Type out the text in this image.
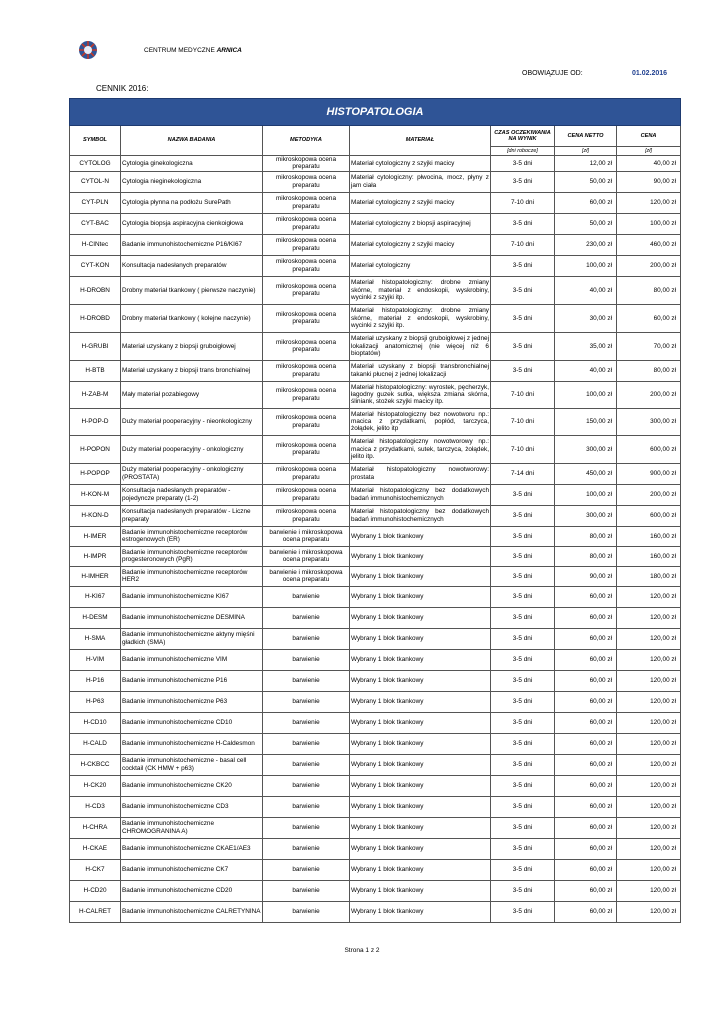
CENTRUM MEDYCZNE ARNICA
OBOWIĄZUJE OD:	01.02.2016
CENNIK 2016:
HISTOPATOLOGIA						
SYMBOL	NAZWA BADANIA	METODYKA	MATERIAŁ	CZAS OCZEKIWANIA NA WYNIK	CENA NETTO	CENA
				[dni robocze]	[zł]	[zł]
CYTOLOG	Cytologia ginekologiczna	mikroskopowa ocena preparatu	Materiał cytologiczny z szyjki macicy	3-5 dni	12,00 zł	40,00 zł
CYTOL-N	Cytologia nieginekologiczna	mikroskopowa ocena preparatu	Materiał cytologiczny: płwocina, mocz, płyny z jam ciała	3-5 dni	50,00 zł	90,00 zł
CYT-PLN	Cytologia płynna na podłożu SurePath	mikroskopowa ocena preparatu	Materiał cytologiczny z szyjki macicy	7-10 dni	60,00 zł	120,00 zł
CYT-BAC	Cytologia biopsja aspiracyjna cienkoigłowa	mikroskopowa ocena preparatu	Materiał cytologiczny z biopsji aspiracyjnej	3-5 dni	50,00 zł	100,00 zł
H-CINtec	Badanie immunohistochemiczne P16/KI67	mikroskopowa ocena preparatu	Materiał cytologiczny z szyjki macicy	7-10 dni	230,00 zł	460,00 zł
CYT-KON	Konsultacja nadesłanych preparatów	mikroskopowa ocena preparatu	Materiał cytologiczny	3-5 dni	100,00 zł	200,00 zł
H-DROBN	Drobny materiał tkankowy ( pierwsze naczynie)	mikroskopowa ocena preparatu	Materiał histopatologiczny: drobne zmiany skórne, materiał z endoskopii, wyskrobiny, wycinki z szyjki itp.	3-5 dni	40,00 zł	80,00 zł
H-DROBD	Drobny materiał tkankowy ( kolejne naczynie)	mikroskopowa ocena preparatu	Materiał histopatologiczny: drobne zmiany skórne, materiał z endoskopii, wyskrobiny, wycinki z szyjki itp.	3-5 dni	30,00 zł	60,00 zł
H-GRUBI	Materiał uzyskany z biopsji gruboigłowej	mikroskopowa ocena preparatu	Materiał uzyskany z biopsji gruboigłowej z jednej lokalizacji anatomicznej (nie więcej niż 6 bioptatów)	3-5 dni	35,00 zł	70,00 zł
H-BTB	Materiał uzyskany z biopsji trans bronchialnej	mikroskopowa ocena preparatu	Materiał uzyskany z biopsji transbronchialnej takanki płucnej z jednej lokalizacji	3-5 dni	40,00 zł	80,00 zł
H-ZAB-M	Mały materiał pozabiegowy	mikroskopowa ocena preparatu	Materiał histopatologiczny: wyrostek, pęcherzyk, łagodny guzek sutka, większa zmiana skórna, śliniank, stożek szyjki macicy itp.	7-10 dni	100,00 zł	200,00 zł
H-POP-D	Duży materiał pooperacyjny - nieonkologiczny	mikroskopowa ocena preparatu	Materiał histopatologiczny bez nowotworu np.: macica z przydatkami, popłód, tarczyca, żołądek, jelito itp	7-10 dni	150,00 zł	300,00 zł
H-POPON	Duży materiał pooperacyjny - onkologiczny	mikroskopowa ocena preparatu	Materiał histopatologiczny nowotworowy np.: macica z przydatkami, sutek, tarczyca, żołądek, jelito itp.	7-10 dni	300,00 zł	600,00 zł
H-POPOP	Duży materiał pooperacyjny - onkologiczny (PROSTATA)	mikroskopowa ocena preparatu	Materiał histopatologiczny nowotworowy: prostata	7-14 dni	450,00 zł	900,00 zł
H-KON-M	Konsultacja nadesłanych preparatów - pojedyncze preparaty (1-2)	mikroskopowa ocena preparatu	Materiał histopatologiczny bez dodatkowych badań immunohistochemicznych	3-5 dni	100,00 zł	200,00 zł
H-KON-D	Konsultacja nadesłanych preparatów - Liczne preparaty	mikroskopowa ocena preparatu	Materiał histopatologiczny bez dodatkowych badań immunohistochemicznych	3-5 dni	300,00 zł	600,00 zł
H-IMER	Badanie immunohistochemiczne receptorów estrogenowych (ER)	barwienie i mikroskopowa ocena preparatu	Wybrany 1 blok tkankowy	3-5 dni	80,00 zł	160,00 zł
H-IMPR	Badanie immunohistochemiczne receptorów progesteronowych (PgR)	barwienie i mikroskopowa ocena preparatu	Wybrany 1 blok tkankowy	3-5 dni	80,00 zł	160,00 zł
H-IMHER	Badanie immunohistochemiczne receptorów HER2	barwienie i mikroskopowa ocena preparatu	Wybrany 1 blok tkankowy	3-5 dni	90,00 zł	180,00 zł
H-KI67	Badanie immunohistochemiczne KI67	barwienie	Wybrany 1 blok tkankowy	3-5 dni	60,00 zł	120,00 zł
H-DESM	Badanie immunohistochemiczne DESMINA	barwienie	Wybrany 1 blok tkankowy	3-5 dni	60,00 zł	120,00 zł
H-SMA	Badanie immunohistochemiczne aktyny mięśni gładkich (SMA)	barwienie	Wybrany 1 blok tkankowy	3-5 dni	60,00 zł	120,00 zł
H-VIM	Badanie immunohistochemiczne VIM	barwienie	Wybrany 1 blok tkankowy	3-5 dni	60,00 zł	120,00 zł
H-P16	Badanie immunohistochemiczne P16	barwienie	Wybrany 1 blok tkankowy	3-5 dni	60,00 zł	120,00 zł
H-P63	Badanie immunohistochemiczne P63	barwienie	Wybrany 1 blok tkankowy	3-5 dni	60,00 zł	120,00 zł
H-CD10	Badanie immunohistochemiczne CD10	barwienie	Wybrany 1 blok tkankowy	3-5 dni	60,00 zł	120,00 zł
H-CALD	Badanie immunohistochemiczne H-Caldesmon	barwienie	Wybrany 1 blok tkankowy	3-5 dni	60,00 zł	120,00 zł
H-CKBCC	Badanie immunohistochemiczne - basal cell cocktail (CK HMW + p63)	barwienie	Wybrany 1 blok tkankowy	3-5 dni	60,00 zł	120,00 zł
H-CK20	Badanie immunohistochemiczne CK20	barwienie	Wybrany 1 blok tkankowy	3-5 dni	60,00 zł	120,00 zł
H-CD3	Badanie immunohistochemiczne CD3	barwienie	Wybrany 1 blok tkankowy	3-5 dni	60,00 zł	120,00 zł
H-CHRA	Badanie immunohistochemiczne CHROMOGRANINA A)	barwienie	Wybrany 1 blok tkankowy	3-5 dni	60,00 zł	120,00 zł
H-CKAE	Badanie immunohistochemiczne CKAE1/AE3	barwienie	Wybrany 1 blok tkankowy	3-5 dni	60,00 zł	120,00 zł
H-CK7	Badanie immunohistochemiczne CK7	barwienie	Wybrany 1 blok tkankowy	3-5 dni	60,00 zł	120,00 zł
H-CD20	Badanie immunohistochemiczne CD20	barwienie	Wybrany 1 blok tkankowy	3-5 dni	60,00 zł	120,00 zł
H-CALRET	Badanie immunohistochemiczne CALRETYNINA	barwienie	Wybrany 1 blok tkankowy	3-5 dni	60,00 zł	120,00 zł
Strona 1 z 2
